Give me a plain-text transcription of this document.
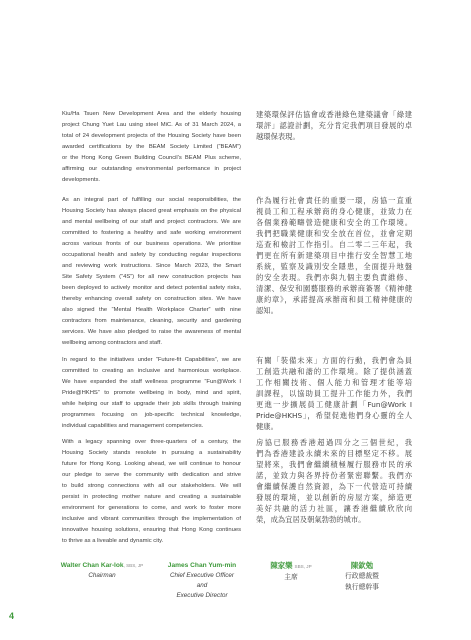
Kiu/Ha Tsuen New Development Area and the elderly housing
project Chung Yuet Lau using steel MiC. As of 31 March 2024, a
total of 24 development projects of the Housing Society have been
awarded certifications by the BEAM Society Limited (“BEAM”)
or the Hong Kong Green Building Council’s BEAM Plus scheme,
affirming our outstanding environmental performance in project
developments.
As an integral part of fulfilling our social responsibilities, the
Housing Society has always placed great emphasis on the physical
and mental wellbeing of our staff and project contractors. We are
committed to fostering a healthy and safe working environment
across various fronts of our business operations. We prioritise
occupational health and safety by conducting regular inspections
and reviewing work instructions. Since March 2023, the Smart
Site Safety System (“4S”) for all new construction projects has
been deployed to actively monitor and detect potential safety risks,
thereby enhancing overall safety on construction sites. We have
also signed the “Mental Health Workplace Charter” with nine
contractors from maintenance, cleaning, security and gardening
services. We have also pledged to raise the awareness of mental
wellbeing among contractors and staff.
In regard to the initiatives under “Future-fit Capabilities”, we are
committed to creating an inclusive and harmonious workplace.
We have expanded the staff wellness programme “Fun@Work I
Pride@HKHS” to promote wellbeing in body, mind and spirit,
while helping our staff to upgrade their job skills through training
programmes focusing on job-specific technical knowledge,
individual capabilities and management competencies.
With a legacy spanning over three-quarters of a century, the
Housing Society stands resolute in pursuing a sustainability
future for Hong Kong. Looking ahead, we will continue to honour
our pledge to serve the community with dedication and strive
to build strong connections with all our stakeholders. We will
persist in protecting mother nature and creating a sustainable
environment for generations to come, and work to foster more
inclusive and vibrant communities through the implementation of
innovative housing solutions, ensuring that Hong Kong continues
to thrive as a liveable and dynamic city.
建築環保評估協會或香港綠色建築議會「綠建
環評」認證計劃，充分肯定我們項目發展的卓
越環保表現。
作為履行社會責任的重要一環，房協一直重
視員工和工程承辦商的身心健康，並致力在
各個業務範疇營造健康和安全的工作環境。
我們把職業健康和安全放在首位，並會定期
巡查和檢討工作指引。自二零二三年起，我
們更在所有新建築項目中推行安全智慧工地
系統，監察及識別安全隱患，全面提升地盤
的安全表現。我們亦與九個主要負責維修、
清潔、保安和園藝服務的承辦商簽署《精神健
康約章》，承諾提高承辦商和員工精神健康的
認知。
有關「裝備未來」方面的行動，我們會為員
工創造共融和諧的工作環境。除了提供涵蓋
工作相關技術、個人能力和管理才能等培
訓課程，以協助員工提升工作能力外，我們
更進一步擴展員工健康計劃「Fun@Work I
Pride@HKHS」，希望促進他們身心靈的全人
健康。
房協已服務香港超過四分之三個世紀，我
們為香港建設永續未來的目標堅定不移。展
望將來，我們會繼續積極履行服務市民的承
諾，並致力與各界持份者緊密聯繫。我們亦
會繼續保護自然資源，為下一代營造可持續
發展的環境，並以創新的房屋方案，締造更
美好共融的活力社區，讓香港繼續欣欣向
榮，成為宜居及朝氣勃勃的城市。
Walter Chan Kar-lok, SBS, JP
Chairman
James Chan Yum-min
Chief Executive Officer
and
Executive Director
陳家樂 SBS, JP
主席
陳欽勉
行政總裁暨
執行總幹事
4
